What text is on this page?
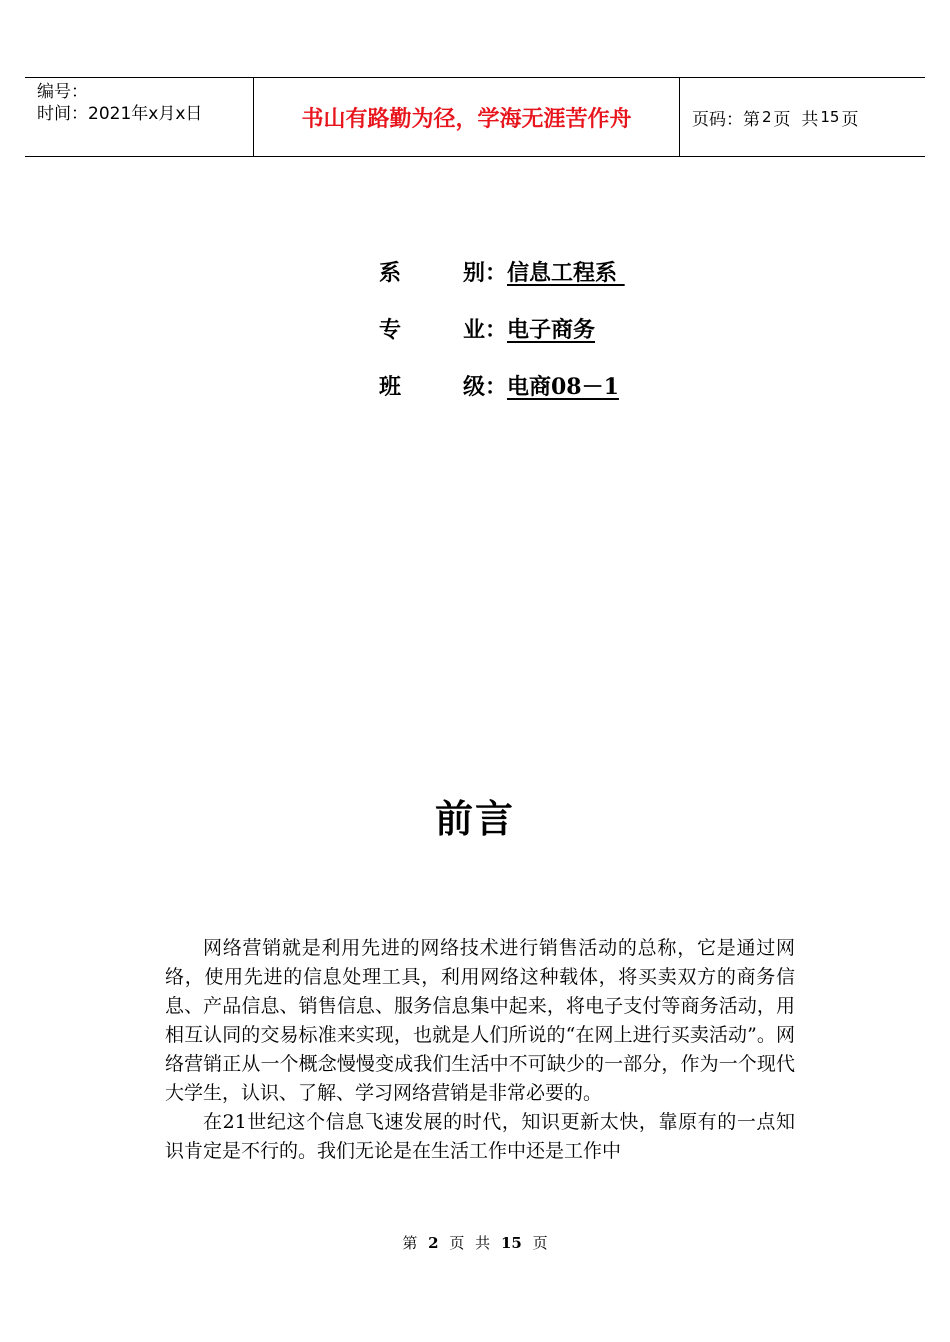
编号：
时间：2021年x月x日	书山有路勤为径，学海无涯苦作舟	页码：第 2 页  共 15 页
系	别： 信息工程系
专	业： 电子商务
班	级： 电商08－1
前言

网络营销就是利用先进的网络技术进行销售活动的总称，它是通过网络，使用先进的信息处理工具，利用网络这种载体，将买卖双方的商务信息、产品信息、销售信息、服务信息集中起来，将电子支付等商务活动，用相互认同的交易标准来实现，也就是人们所说的“在网上进行买卖活动”。网络营销正从一个概念慢慢变成我们生活中不可缺少的一部分，作为一个现代大学生，认识、了解、学习网络营销是非常必要的。

在21世纪这个信息飞速发展的时代，知识更新太快，靠原有的一点知识肯定是不行的。我们无论是在生活工作中还是工作中

第 2 页 共 15 页
